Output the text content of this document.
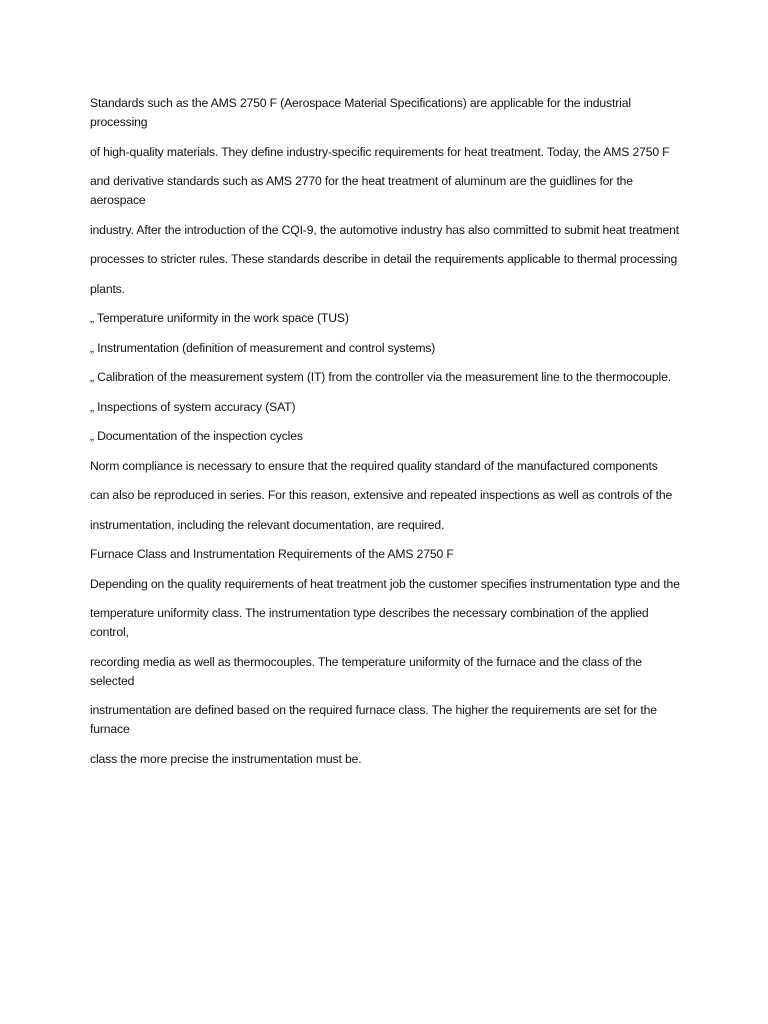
Standards such as the AMS 2750 F (Aerospace Material Specifications) are applicable for the industrial processing

of high-quality materials. They define industry-specific requirements for heat treatment. Today, the AMS 2750 F

and derivative standards such as AMS 2770 for the heat treatment of aluminum are the guidlines for the aerospace

industry. After the introduction of the CQI-9, the automotive industry has also committed to submit heat treatment

processes to stricter rules. These standards describe in detail the requirements applicable to thermal processing

plants.

„ Temperature uniformity in the work space (TUS)

„ Instrumentation (definition of measurement and control systems)

„ Calibration of the measurement system (IT) from the controller via the measurement line to the thermocouple.

„ Inspections of system accuracy (SAT)

„ Documentation of the inspection cycles

Norm compliance is necessary to ensure that the required quality standard of the manufactured components

can also be reproduced in series. For this reason, extensive and repeated inspections as well as controls of the

instrumentation, including the relevant documentation, are required.

Furnace Class and Instrumentation Requirements of the AMS 2750 F

Depending on the quality requirements of heat treatment job the customer specifies instrumentation type and the

temperature uniformity class. The instrumentation type describes the necessary combination of the applied control,

recording media as well as thermocouples. The temperature uniformity of the furnace and the class of the selected

instrumentation are defined based on the required furnace class. The higher the requirements are set for the furnace

class the more precise the instrumentation must be.
